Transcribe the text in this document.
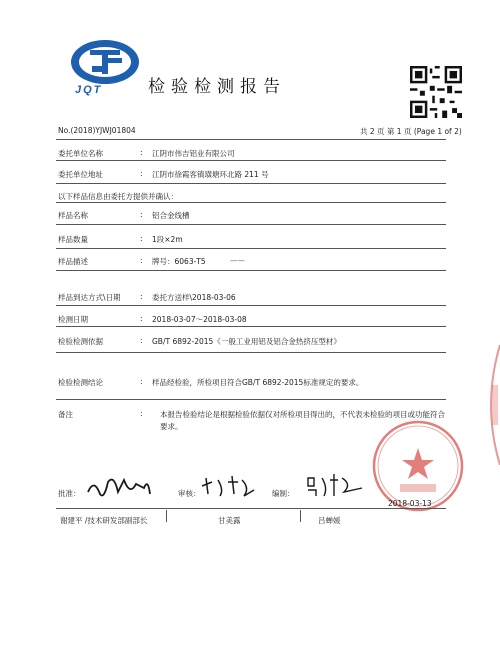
JQT	检验检测报告
No.(2018)YJWJ01804	共 2 页 第 1 页 (Page 1 of 2)
委托单位名称	: 江阴市伟吉铝业有限公司
委托单位地址	: 江阴市徐霞客镇璜塘环北路 211 号
以下样品信息由委托方提供并确认：
样品名称	: 铝合金线槽
样品数量	: 1段×2m
样品描述	: 牌号：6063-T5	——
样品到达方式\日期	: 委托方送样\2018-03-06
检测日期	: 2018-03-07～2018-03-08
检验检测依据	: GB/T 6892-2015《一般工业用铝及铝合金热挤压型材》
检验检测结论	: 样品经检验，所检项目符合GB/T 6892-2015标准规定的要求。
备注	: 本报告检验结论是根据检验依据仅对所检项目得出的，不代表未检验的项目或功能符合要求。
2018-03-13
批准：	审核：	编制：
谢建平 /技术研发部副部长	甘美露	吕蝉媛
